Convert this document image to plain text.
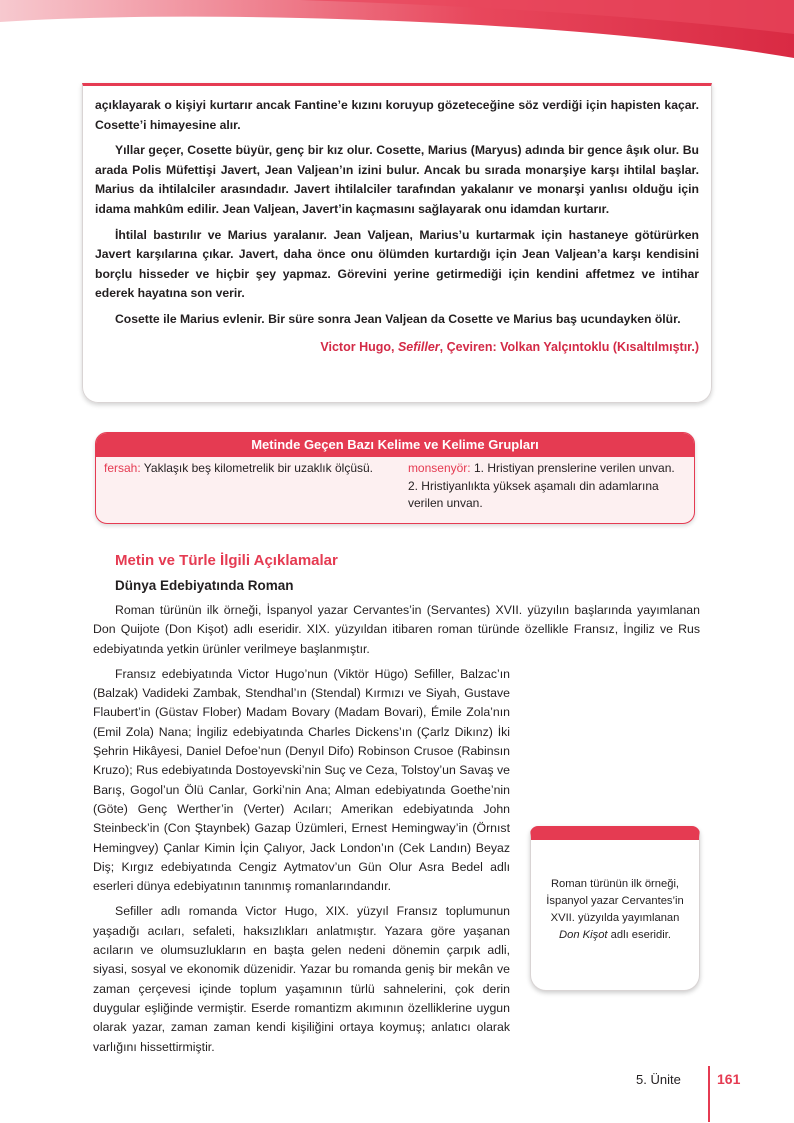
açıklayarak o kişiyi kurtarır ancak Fantine’e kızını koruyup gözeteceğine söz verdiği için hapisten kaçar. Cosette’i himayesine alır.

Yıllar geçer, Cosette büyür, genç bir kız olur. Cosette, Marius (Maryus) adında bir gence âşık olur. Bu arada Polis Müfettişi Javert, Jean Valjean’ın izini bulur. Ancak bu sırada monarşiye karşı ihtilal başlar. Marius da ihtilalciler arasındadır. Javert ihtilalciler tarafından yakalanır ve monarşi yanlısı olduğu için idama mahkûm edilir. Jean Valjean, Javert’in kaçmasını sağlayarak onu idamdan kurtarır.

İhtilal bastırılır ve Marius yaralanır. Jean Valjean, Marius’u kurtarmak için hastaneye götürürken Javert karşılarına çıkar. Javert, daha önce onu ölümden kurtardığı için Jean Valjean’a karşı kendisini borçlu hisseder ve hiçbir şey yapmaz. Görevini yerine getirmediği için kendini affetmez ve intihar ederek hayatına son verir.

Cosette ile Marius evlenir. Bir süre sonra Jean Valjean da Cosette ve Marius baş ucundayken ölür.

Victor Hugo, Sefiller, Çeviren: Volkan Yalçıntoklu (Kısaltılmıştır.)
Metinde Geçen Bazı Kelime ve Kelime Grupları
fersah: Yaklaşık beş kilometrelik bir uzaklık ölçüsü.	monsenyör: 1. Hristiyan prenslerine verilen unvan. 2. Hristiyanlıkta yüksek aşamalı din adamlarına verilen unvan.
Metin ve Türle İlgili Açıklamalar
Dünya Edebiyatında Roman

Roman türünün ilk örneği, İspanyol yazar Cervantes’in (Servantes) XVII. yüzyılın başlarında yayımlanan Don Quijote (Don Kişot) adlı eseridir. XIX. yüzyıldan itibaren roman türünde özellikle Fransız, İngiliz ve Rus edebiyatında yetkin ürünler verilmeye başlanmıştır.

Fransız edebiyatında Victor Hugo’nun (Viktör Hügo) Sefiller, Balzac’ın (Balzak) Vadideki Zambak, Stendhal’ın (Stendal) Kırmızı ve Siyah, Gustave Flaubert’in (Güstav Flober) Madam Bovary (Madam Bovari), Émile Zola’nın (Emil Zola) Nana; İngiliz edebiyatında Charles Dickens’ın (Çarlz Dikınz) İki Şehrin Hikâyesi, Daniel Defoe’nun (Denyıl Difo) Robinson Crusoe (Rabinsın Kruzo); Rus edebiyatında Dostoyevski’nin Suç ve Ceza, Tolstoy’un Savaş ve Barış, Gogol’un Ölü Canlar, Gorki’nin Ana; Alman edebiyatında Goethe’nin (Göte) Genç Werther’in (Verter) Acıları; Amerikan edebiyatında John Steinbeck’in (Con Ştaynbek) Gazap Üzümleri, Ernest Hemingway’in (Örnıst Hemingvey) Çanlar Kimin İçin Çalıyor, Jack London’ın (Cek Landın) Beyaz Diş; Kırgız edebiyatında Cengiz Aytmatov’un Gün Olur Asra Bedel adlı eserleri dünya edebiyatının tanınmış romanlarındandır.

Sefiller adlı romanda Victor Hugo, XIX. yüzyıl Fransız toplumunun yaşadığı acıları, sefaleti, haksızlıkları anlatmıştır. Yazara göre yaşanan acıların ve olumsuzlukların en başta gelen nedeni dönemin çarpık adli, siyasi, sosyal ve ekonomik düzenidir. Yazar bu romanda geniş bir mekân ve zaman çerçevesi içinde toplum yaşamının türlü sahnelerini, çok derin duygular eşliğinde vermiştir. Eserde romantizm akımının özelliklerine uygun olarak yazar, zaman zaman kendi kişiliğini ortaya koymuş; anlatıcı olarak varlığını hissettirmiştir.

Roman türünün ilk örneği, İspanyol yazar Cervantes’in XVII. yüzyılda yayımlanan Don Kişot adlı eseridir.
5. Ünite	161
